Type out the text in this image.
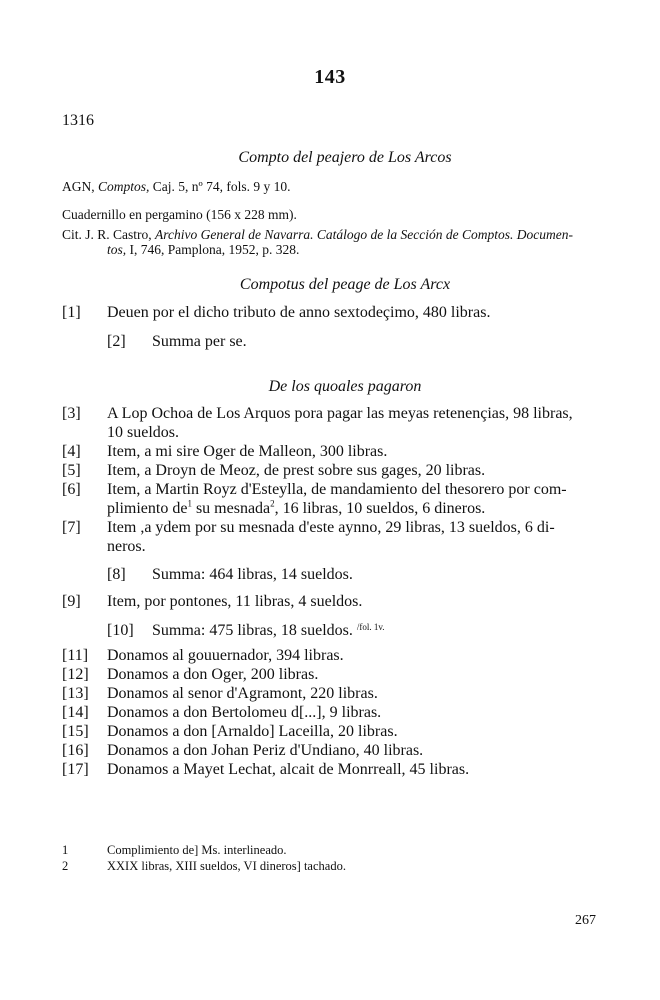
143
1316
Compto del peajero de Los Arcos
AGN, Comptos, Caj. 5, nº 74, fols. 9 y 10.
Cuadernillo en pergamino (156 x 228 mm).
Cit. J. R. Castro, Archivo General de Navarra. Catálogo de la Sección de Comptos. Documen-
tos, I, 746, Pamplona, 1952, p. 328.
Compotus del peage de Los Arcx
[1] Deuen por el dicho tributo de anno sextodeçimo, 480 libras.
[2] Summa per se.
De los quoales pagaron
[3] A Lop Ochoa de Los Arquos pora pagar las meyas retenençias, 98 libras,
10 sueldos.
[4] Item, a mi sire Oger de Malleon, 300 libras.
[5] Item, a Droyn de Meoz, de prest sobre sus gages, 20 libras.
[6] Item, a Martin Royz d'Esteylla, de mandamiento del thesorero por com-
plimiento $de^1$ su mesnada$^2$, 16 libras, 10 sueldos, 6 dineros.
[7] Item ,a ydem por su mesnada d'este aynno, 29 libras, 13 sueldos, 6 di-
neros.
[8] Summa: 464 libras, 14 sueldos.
[9] Item, por pontones, 11 libras, 4 sueldos.
[10] Summa: 475 libras, 18 sueldos. $^{/fol. 1v.}$
[11] Donamos al gouuernador, 394 libras.
[12] Donamos a don Oger, 200 libras.
[13] Donamos al senor d'Agramont, 220 libras.
[14] Donamos a don Bertolomeu d[...], 9 libras.
[15] Donamos a don [Arnaldo] Laceilla, 20 libras.
[16] Donamos a don Johan Periz d'Undiano, 40 libras.
[17] Donamos a Mayet Lechat, alcait de Monrreall, 45 libras.
1	Complimiento de] Ms. interlineado.
2	XXIX libras, XIII sueldos, VI dineros] tachado.
267
